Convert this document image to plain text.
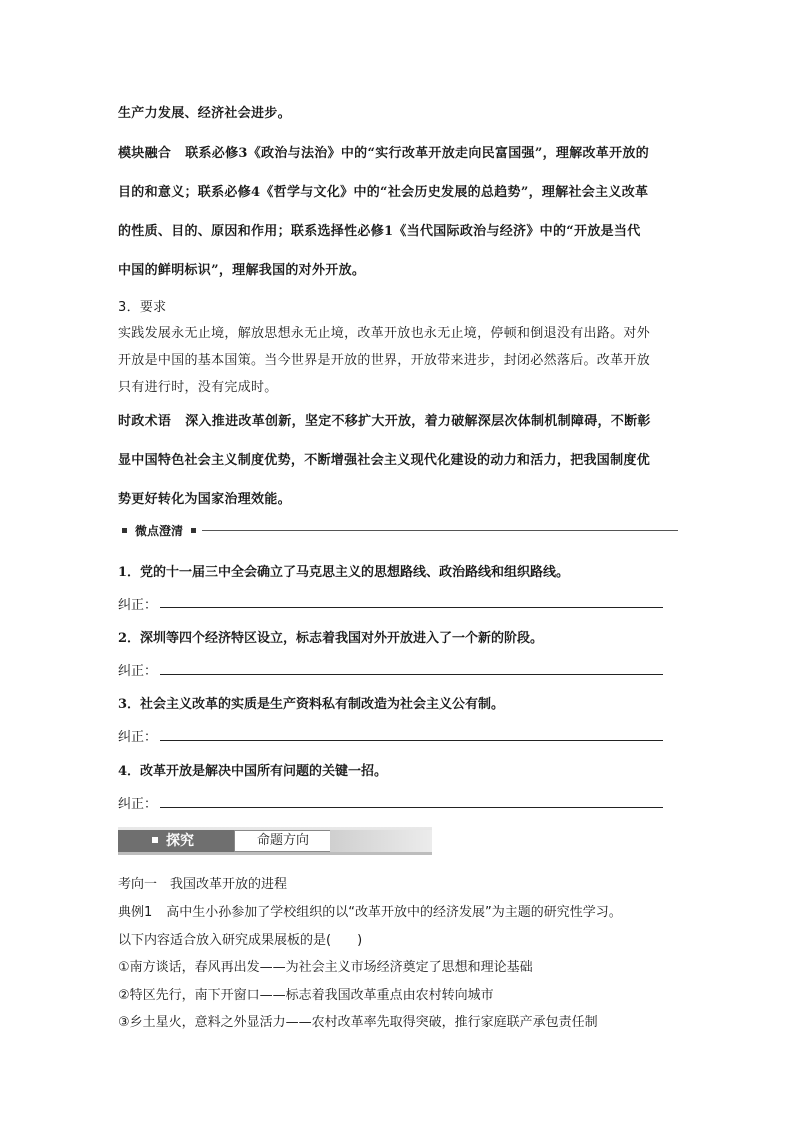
生产力发展、经济社会进步。
模块融合 联系必修3《政治与法治》中的“实行改革开放走向民富国强”，理解改革开放的
目的和意义；联系必修4《哲学与文化》中的“社会历史发展的总趋势”，理解社会主义改革
的性质、目的、原因和作用；联系选择性必修1《当代国际政治与经济》中的“开放是当代
中国的鲜明标识”，理解我国的对外开放。
3．要求
实践发展永无止境，解放思想永无止境，改革开放也永无止境，停顿和倒退没有出路。对外
开放是中国的基本国策。当今世界是开放的世界，开放带来进步，封闭必然落后。改革开放
只有进行时，没有完成时。
时政术语 深入推进改革创新，坚定不移扩大开放，着力破解深层次体制机制障碍，不断彰
显中国特色社会主义制度优势，不断增强社会主义现代化建设的动力和活力，把我国制度优
势更好转化为国家治理效能。
微点澄清
1．党的十一届三中全会确立了马克思主义的思想路线、政治路线和组织路线。
纠正：
2．深圳等四个经济特区设立，标志着我国对外开放进入了一个新的阶段。
纠正：
3．社会主义改革的实质是生产资料私有制改造为社会主义公有制。
纠正：
4．改革开放是解决中国所有问题的关键一招。
纠正：
探究	命题方向
考向一　我国改革开放的进程
典例1 高中生小孙参加了学校组织的以“改革开放中的经济发展”为主题的研究性学习。
以下内容适合放入研究成果展板的是(　　)
①南方谈话，春风再出发——为社会主义市场经济奠定了思想和理论基础
②特区先行，南下开窗口——标志着我国改革重点由农村转向城市
③乡土星火，意料之外显活力——农村改革率先取得突破，推行家庭联产承包责任制
